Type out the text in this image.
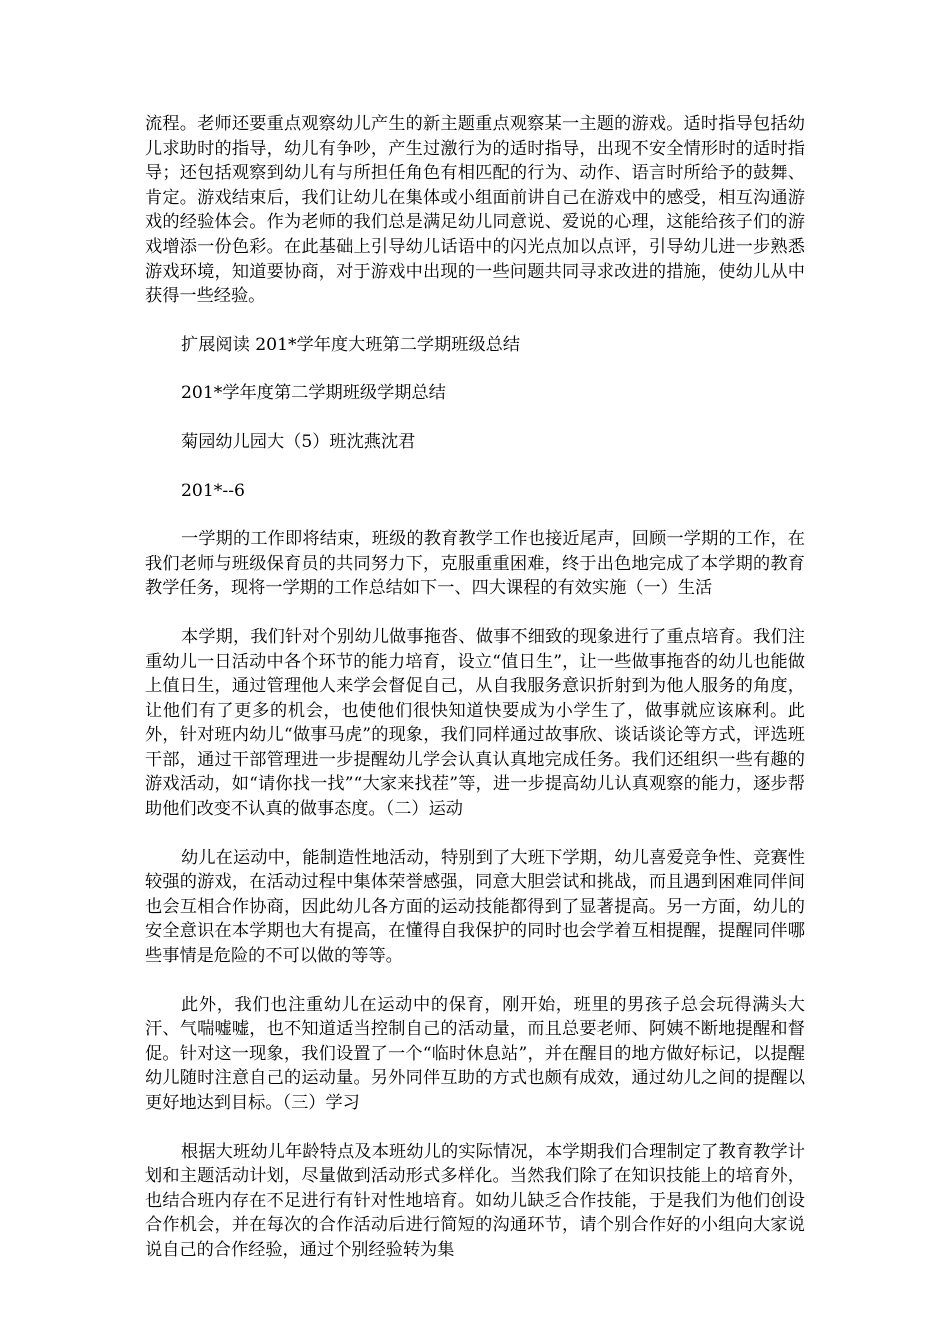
流程。老师还要重点观察幼儿产生的新主题重点观察某一主题的游戏。适时指导包括幼儿求助时的指导，幼儿有争吵，产生过激行为的适时指导，出现不安全情形时的适时指导；还包括观察到幼儿有与所担任角色有相匹配的行为、动作、语言时所给予的鼓舞、肯定。游戏结束后，我们让幼儿在集体或小组面前讲自己在游戏中的感受，相互沟通游戏的经验体会。作为老师的我们总是满足幼儿同意说、爱说的心理，这能给孩子们的游戏增添一份色彩。在此基础上引导幼儿话语中的闪光点加以点评，引导幼儿进一步熟悉游戏环境，知道要协商，对于游戏中出现的一些问题共同寻求改进的措施，使幼儿从中获得一些经验。

扩展阅读 201*学年度大班第二学期班级总结

201*学年度第二学期班级学期总结

菊园幼儿园大（5）班沈燕沈君

201*--6

一学期的工作即将结束，班级的教育教学工作也接近尾声，回顾一学期的工作，在我们老师与班级保育员的共同努力下，克服重重困难，终于出色地完成了本学期的教育教学任务，现将一学期的工作总结如下一、四大课程的有效实施（一）生活

本学期，我们针对个别幼儿做事拖沓、做事不细致的现象进行了重点培育。我们注重幼儿一日活动中各个环节的能力培育，设立“值日生”，让一些做事拖沓的幼儿也能做上值日生，通过管理他人来学会督促自己，从自我服务意识折射到为他人服务的角度，让他们有了更多的机会，也使他们很快知道快要成为小学生了，做事就应该麻利。此外，针对班内幼儿“做事马虎”的现象，我们同样通过故事欣、谈话谈论等方式，评选班干部，通过干部管理进一步提醒幼儿学会认真认真地完成任务。我们还组织一些有趣的游戏活动，如“请你找一找”“大家来找茬”等，进一步提高幼儿认真观察的能力，逐步帮助他们改变不认真的做事态度。（二）运动

幼儿在运动中，能制造性地活动，特别到了大班下学期，幼儿喜爱竞争性、竞赛性较强的游戏，在活动过程中集体荣誉感强，同意大胆尝试和挑战，而且遇到困难同伴间也会互相合作协商，因此幼儿各方面的运动技能都得到了显著提高。另一方面，幼儿的安全意识在本学期也大有提高，在懂得自我保护的同时也会学着互相提醒，提醒同伴哪些事情是危险的不可以做的等等。

此外，我们也注重幼儿在运动中的保育，刚开始，班里的男孩子总会玩得满头大汗、气喘嘘嘘，也不知道适当控制自己的活动量，而且总要老师、阿姨不断地提醒和督促。针对这一现象，我们设置了一个“临时休息站”，并在醒目的地方做好标记，以提醒幼儿随时注意自己的运动量。另外同伴互助的方式也颇有成效，通过幼儿之间的提醒以更好地达到目标。（三）学习

根据大班幼儿年龄特点及本班幼儿的实际情况，本学期我们合理制定了教育教学计划和主题活动计划，尽量做到活动形式多样化。当然我们除了在知识技能上的培育外，也结合班内存在不足进行有针对性地培育。如幼儿缺乏合作技能，于是我们为他们创设合作机会，并在每次的合作活动后进行简短的沟通环节，请个别合作好的小组向大家说说自己的合作经验，通过个别经验转为集
